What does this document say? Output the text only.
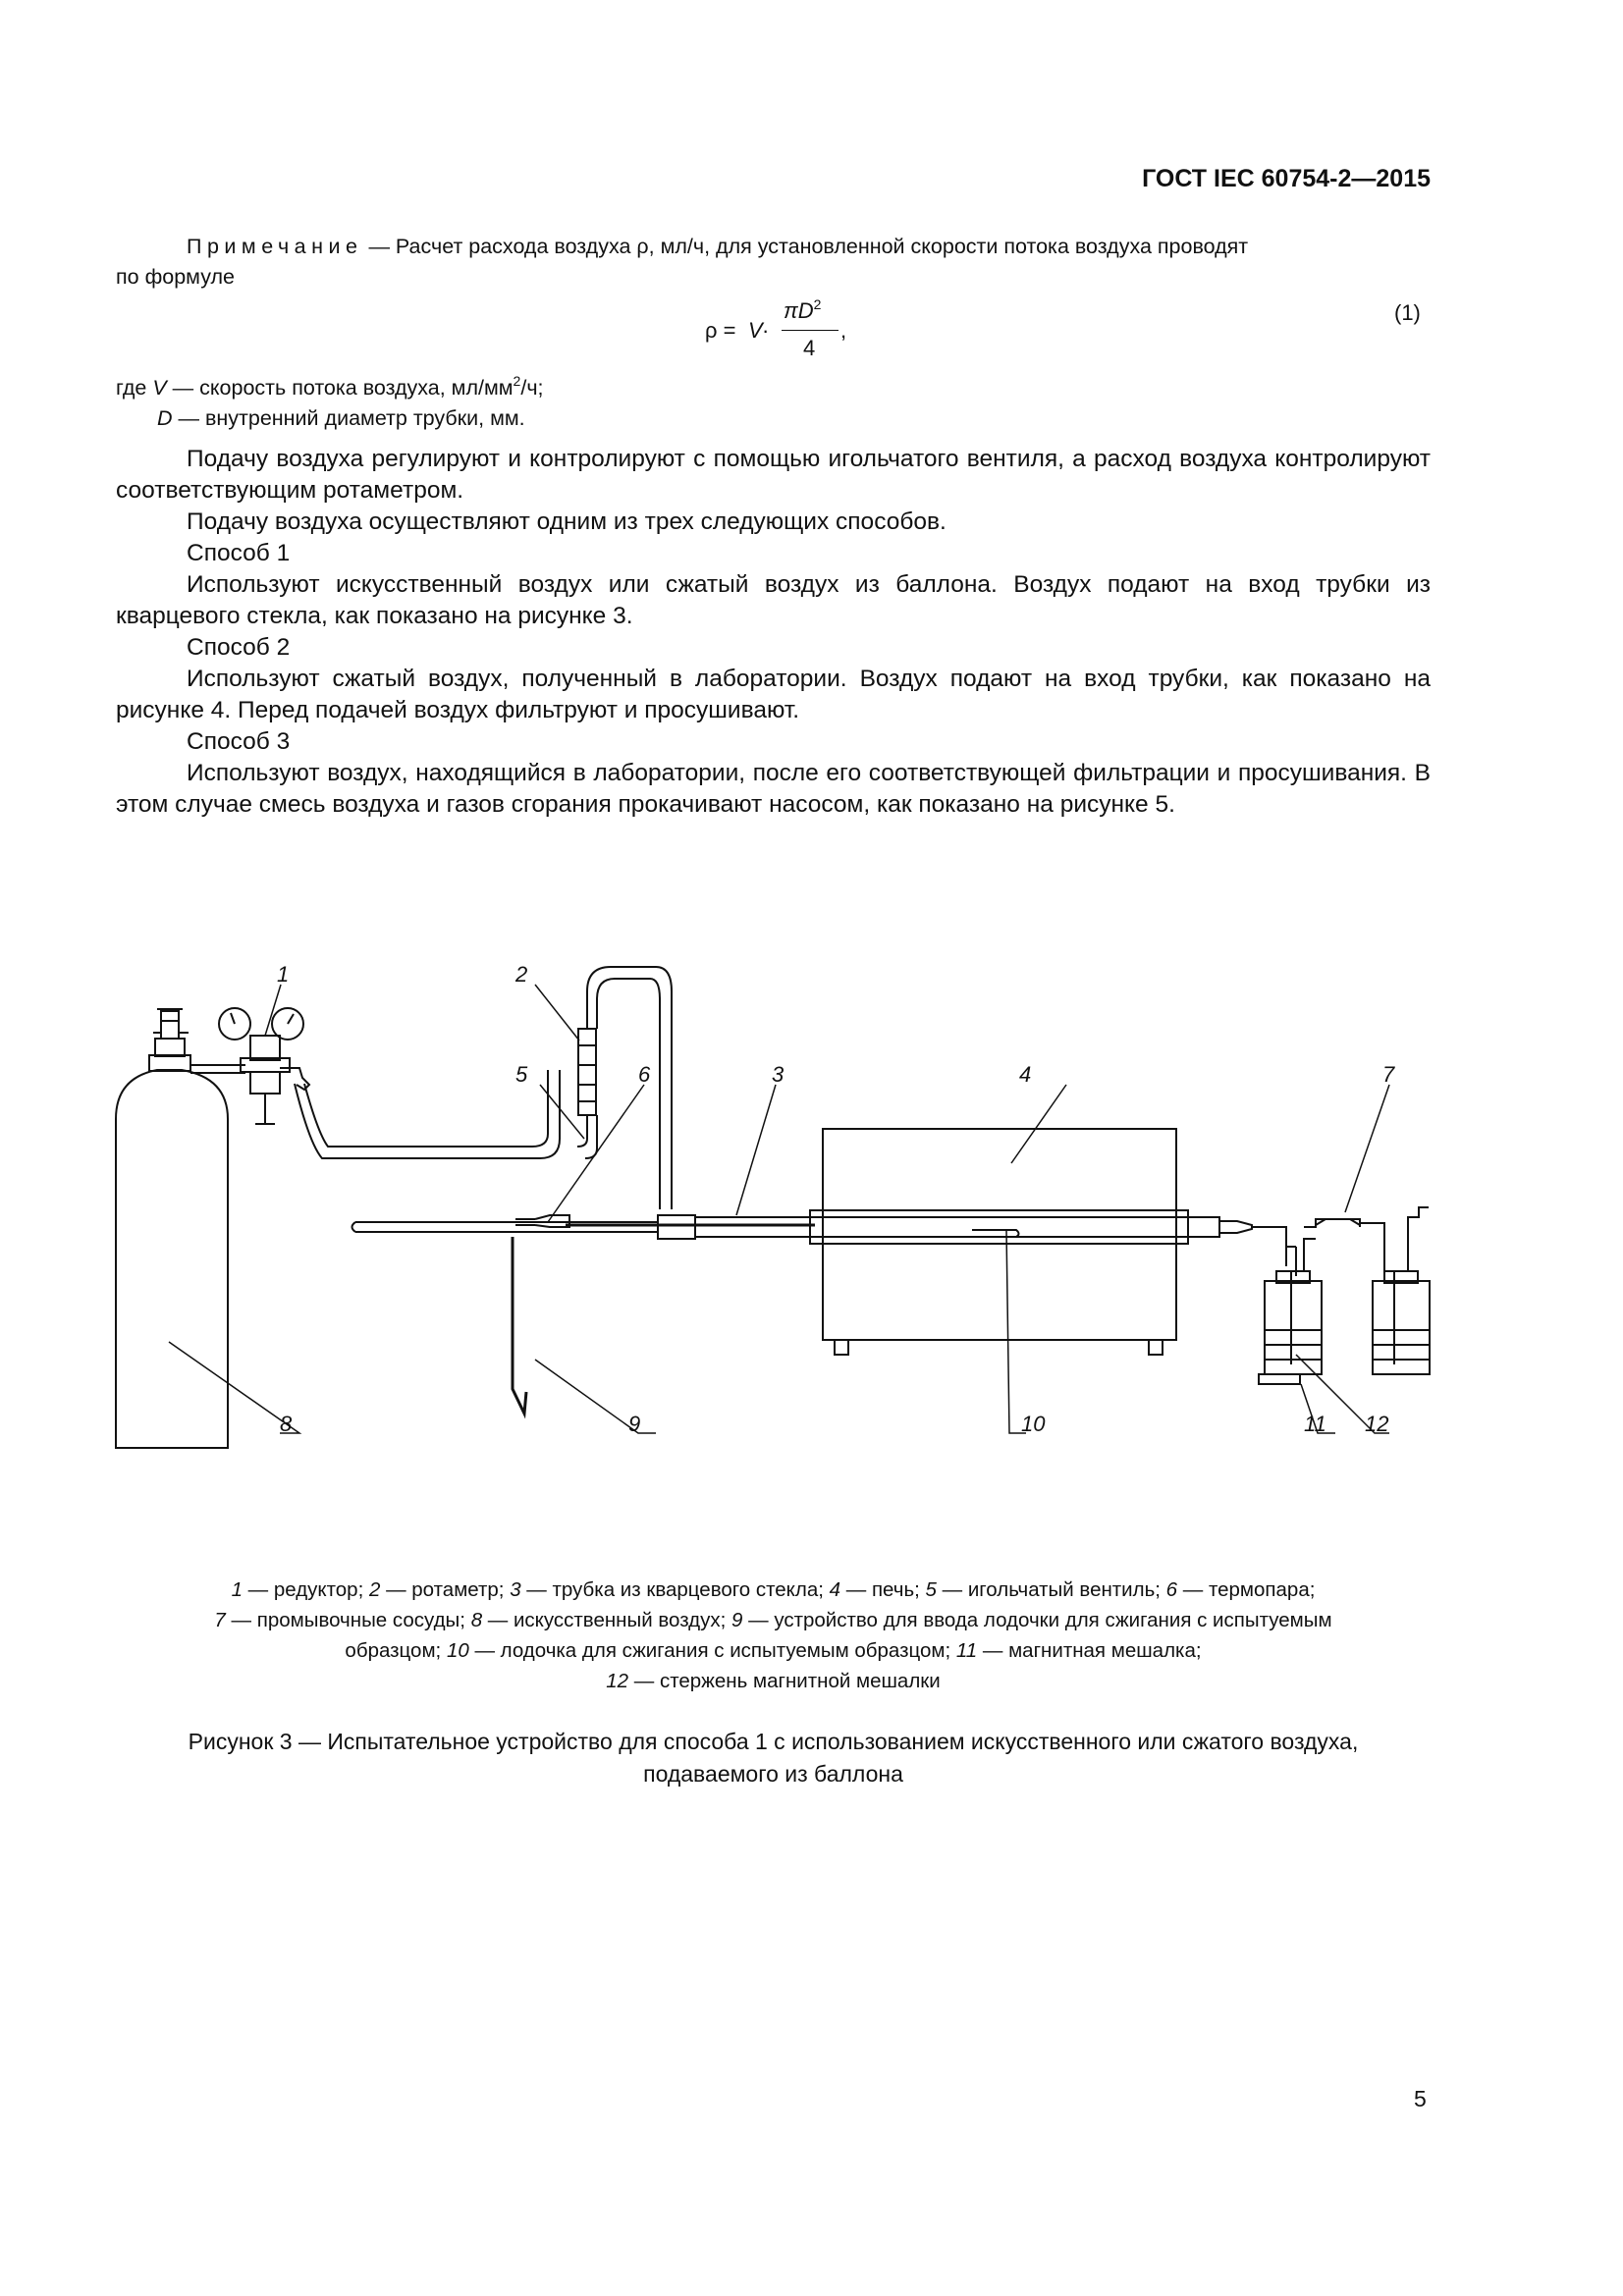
ГОСТ IEC 60754-2—2015
Примечание — Расчет расхода воздуха ρ, мл/ч, для установленной скорости потока воздуха проводят
по формуле
ρ = V ·
$\pi D^2$
4
,
(1)
где V — скорость потока воздуха, $мл/мм^2/ч$;
D — внутренний диаметр трубки, мм.

Подачу воздуха регулируют и контролируют с помощью игольчатого вентиля, а расход воздуха контролируют соответствующим ротаметром.

Подачу воздуха осуществляют одним из трех следующих способов.

Способ 1

Используют искусственный воздух или сжатый воздух из баллона. Воздух подают на вход трубки из кварцевого стекла, как показано на рисунке 3.

Способ 2

Используют сжатый воздух, полученный в лаборатории. Воздух подают на вход трубки, как показано на рисунке 4. Перед подачей воздух фильтруют и просушивают.

Способ 3

Используют воздух, находящийся в лаборатории, после его соответствующей фильтрации и просушивания. В этом случае смесь воздуха и газов сгорания прокачивают насосом, как показано на рисунке 5.

1	2
3	4
5	6	7
8	9	10	11 12
1 — редуктор; 2 — ротаметр; 3 — трубка из кварцевого стекла; 4 — печь; 5 — игольчатый вентиль; 6 — термопара;
7 — промывочные сосуды; 8 — искусственный воздух; 9 — устройство для ввода лодочки для сжигания с испытуемым
образцом; 10 — лодочка для сжигания с испытуемым образцом; 11 — магнитная мешалка;
12 — стержень магнитной мешалки
Рисунок 3 — Испытательное устройство для способа 1 с использованием искусственного или сжатого воздуха,
подаваемого из баллона
5
